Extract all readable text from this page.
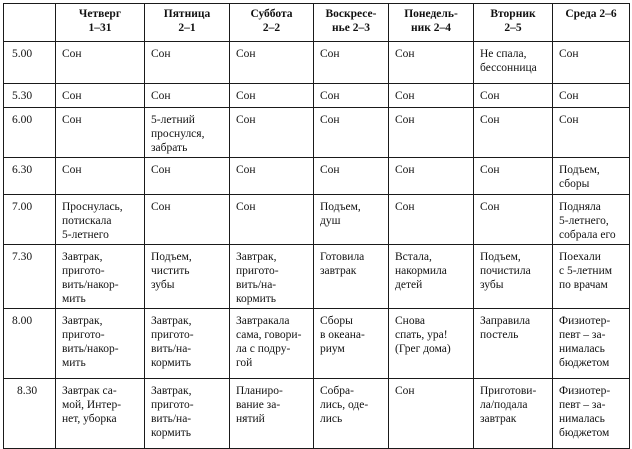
	Четверг
1–31	Пятница
2–1	Суббота
2–2	Воскресе-
нье 2–3	Понедель-
ник 2–4	Вторник
2–5	Среда 2–6

5.00	Сон	Сон	Сон	Сон	Сон	Не спала,
бессонница	Сон

5.30	Сон	Сон	Сон	Сон	Сон	Сон	Сон

6.00	Сон	5-летний
проснулся,
забрать	Сон	Сон	Сон	Сон	Сон

6.30	Сон	Сон	Сон	Сон	Сон	Сон	Подъем,
сборы

7.00	Проснулась,
потискала
5-летнего	Сон	Сон	Подъем,
душ	Сон	Сон	Подняла
5-летнего,
собрала его

7.30	Завтрак,
пригото-
вить/накор-
мить	Подъем,
чистить
зубы	Завтрак,
пригото-
вить/на-
кормить	Готовила
завтрак	Встала,
накормила
детей	Подъем,
почистила
зубы	Поехали
с 5-летним
по врачам

8.00	Завтрак,
пригото-
вить/накор-
мить	Завтрак,
пригото-
вить/на-
кормить	Завтракала
сама, говори-
ла с подру-
гой	Сборы
в океана-
риум	Снова
спать, ура!
(Грег дома)	Заправила
постель	Физиотер-
певт – за-
нималась
бюджетом

8.30	Завтрак са-
мой, Интер-
нет, уборка	Завтрак,
пригото-
вить/на-
кормить	Планиро-
вание за-
нятий	Собра-
лись, оде-
лись	Сон	Приготови-
ла/подала
завтрак	Физиотер-
певт – за-
нималась
бюджетом
